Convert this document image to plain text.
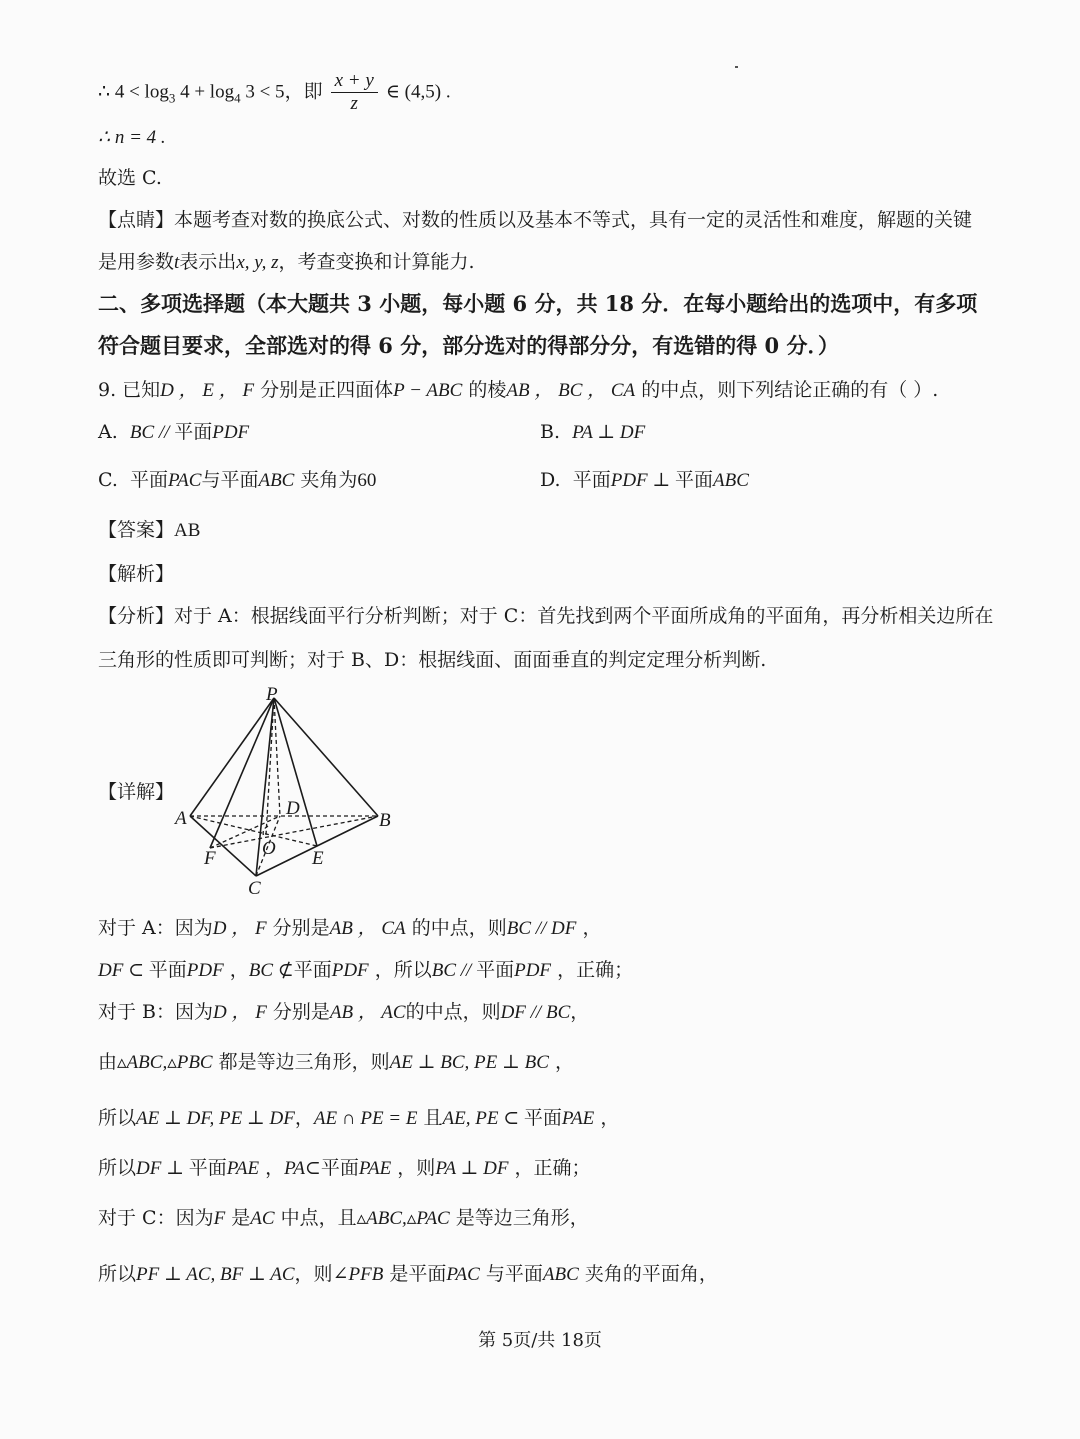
∴ $4 < \log_3 4 + \log_4 3 < 5$，即 $\frac{x + y}{z}$ ∈ (4,5) .
∴ n = 4 .
故选 C.
【点睛】本题考查对数的换底公式、对数的性质以及基本不等式，具有一定的灵活性和难度，解题的关键
是用参数t表示出x, y, z，考查变换和计算能力.
二、多项选择题（本大题共 3 小题，每小题 6 分，共 18 分．在每小题给出的选项中，有多项
符合题目要求，全部选对的得 6 分，部分选对的得部分分，有选错的得 0 分．）
9. 已知D ， E ， F 分别是正四面体P − ABC 的棱AB ， BC ， CA 的中点，则下列结论正确的有（ ）.
A. BC // 平面PDF	B. PA ⊥ DF
C. 平面PAC与平面ABC 夹角为60	D. 平面PDF ⊥ 平面ABC
【答案】AB
【解析】
【分析】对于 A：根据线面平行分析判断；对于 C：首先找到两个平面所成角的平面角，再分析相关边所在
三角形的性质即可判断；对于 B、D：根据线面、面面垂直的判定定理分析判断.
【详解】
P
A	B
C
D
E
F O
对于 A：因为D ， F 分别是AB ， CA 的中点，则BC // DF ，
DF ⊂ 平面PDF ，BC ⊄平面PDF ，所以BC // 平面PDF ，正确；
对于 B：因为D ， F 分别是AB ， AC的中点，则DF // BC，
由▵ABC,▵PBC 都是等边三角形，则AE ⊥ BC, PE ⊥ BC ，
所以AE ⊥ DF, PE ⊥ DF，AE ∩ PE = E 且AE, PE ⊂ 平面PAE ，
所以DF ⊥ 平面PAE ，PA⊂平面PAE ，则PA ⊥ DF ，正确；
对于 C：因为F 是AC 中点，且▵ABC,▵PAC 是等边三角形，
所以PF ⊥ AC, BF ⊥ AC，则∠PFB 是平面PAC 与平面ABC 夹角的平面角，
第 5页/共 18页
